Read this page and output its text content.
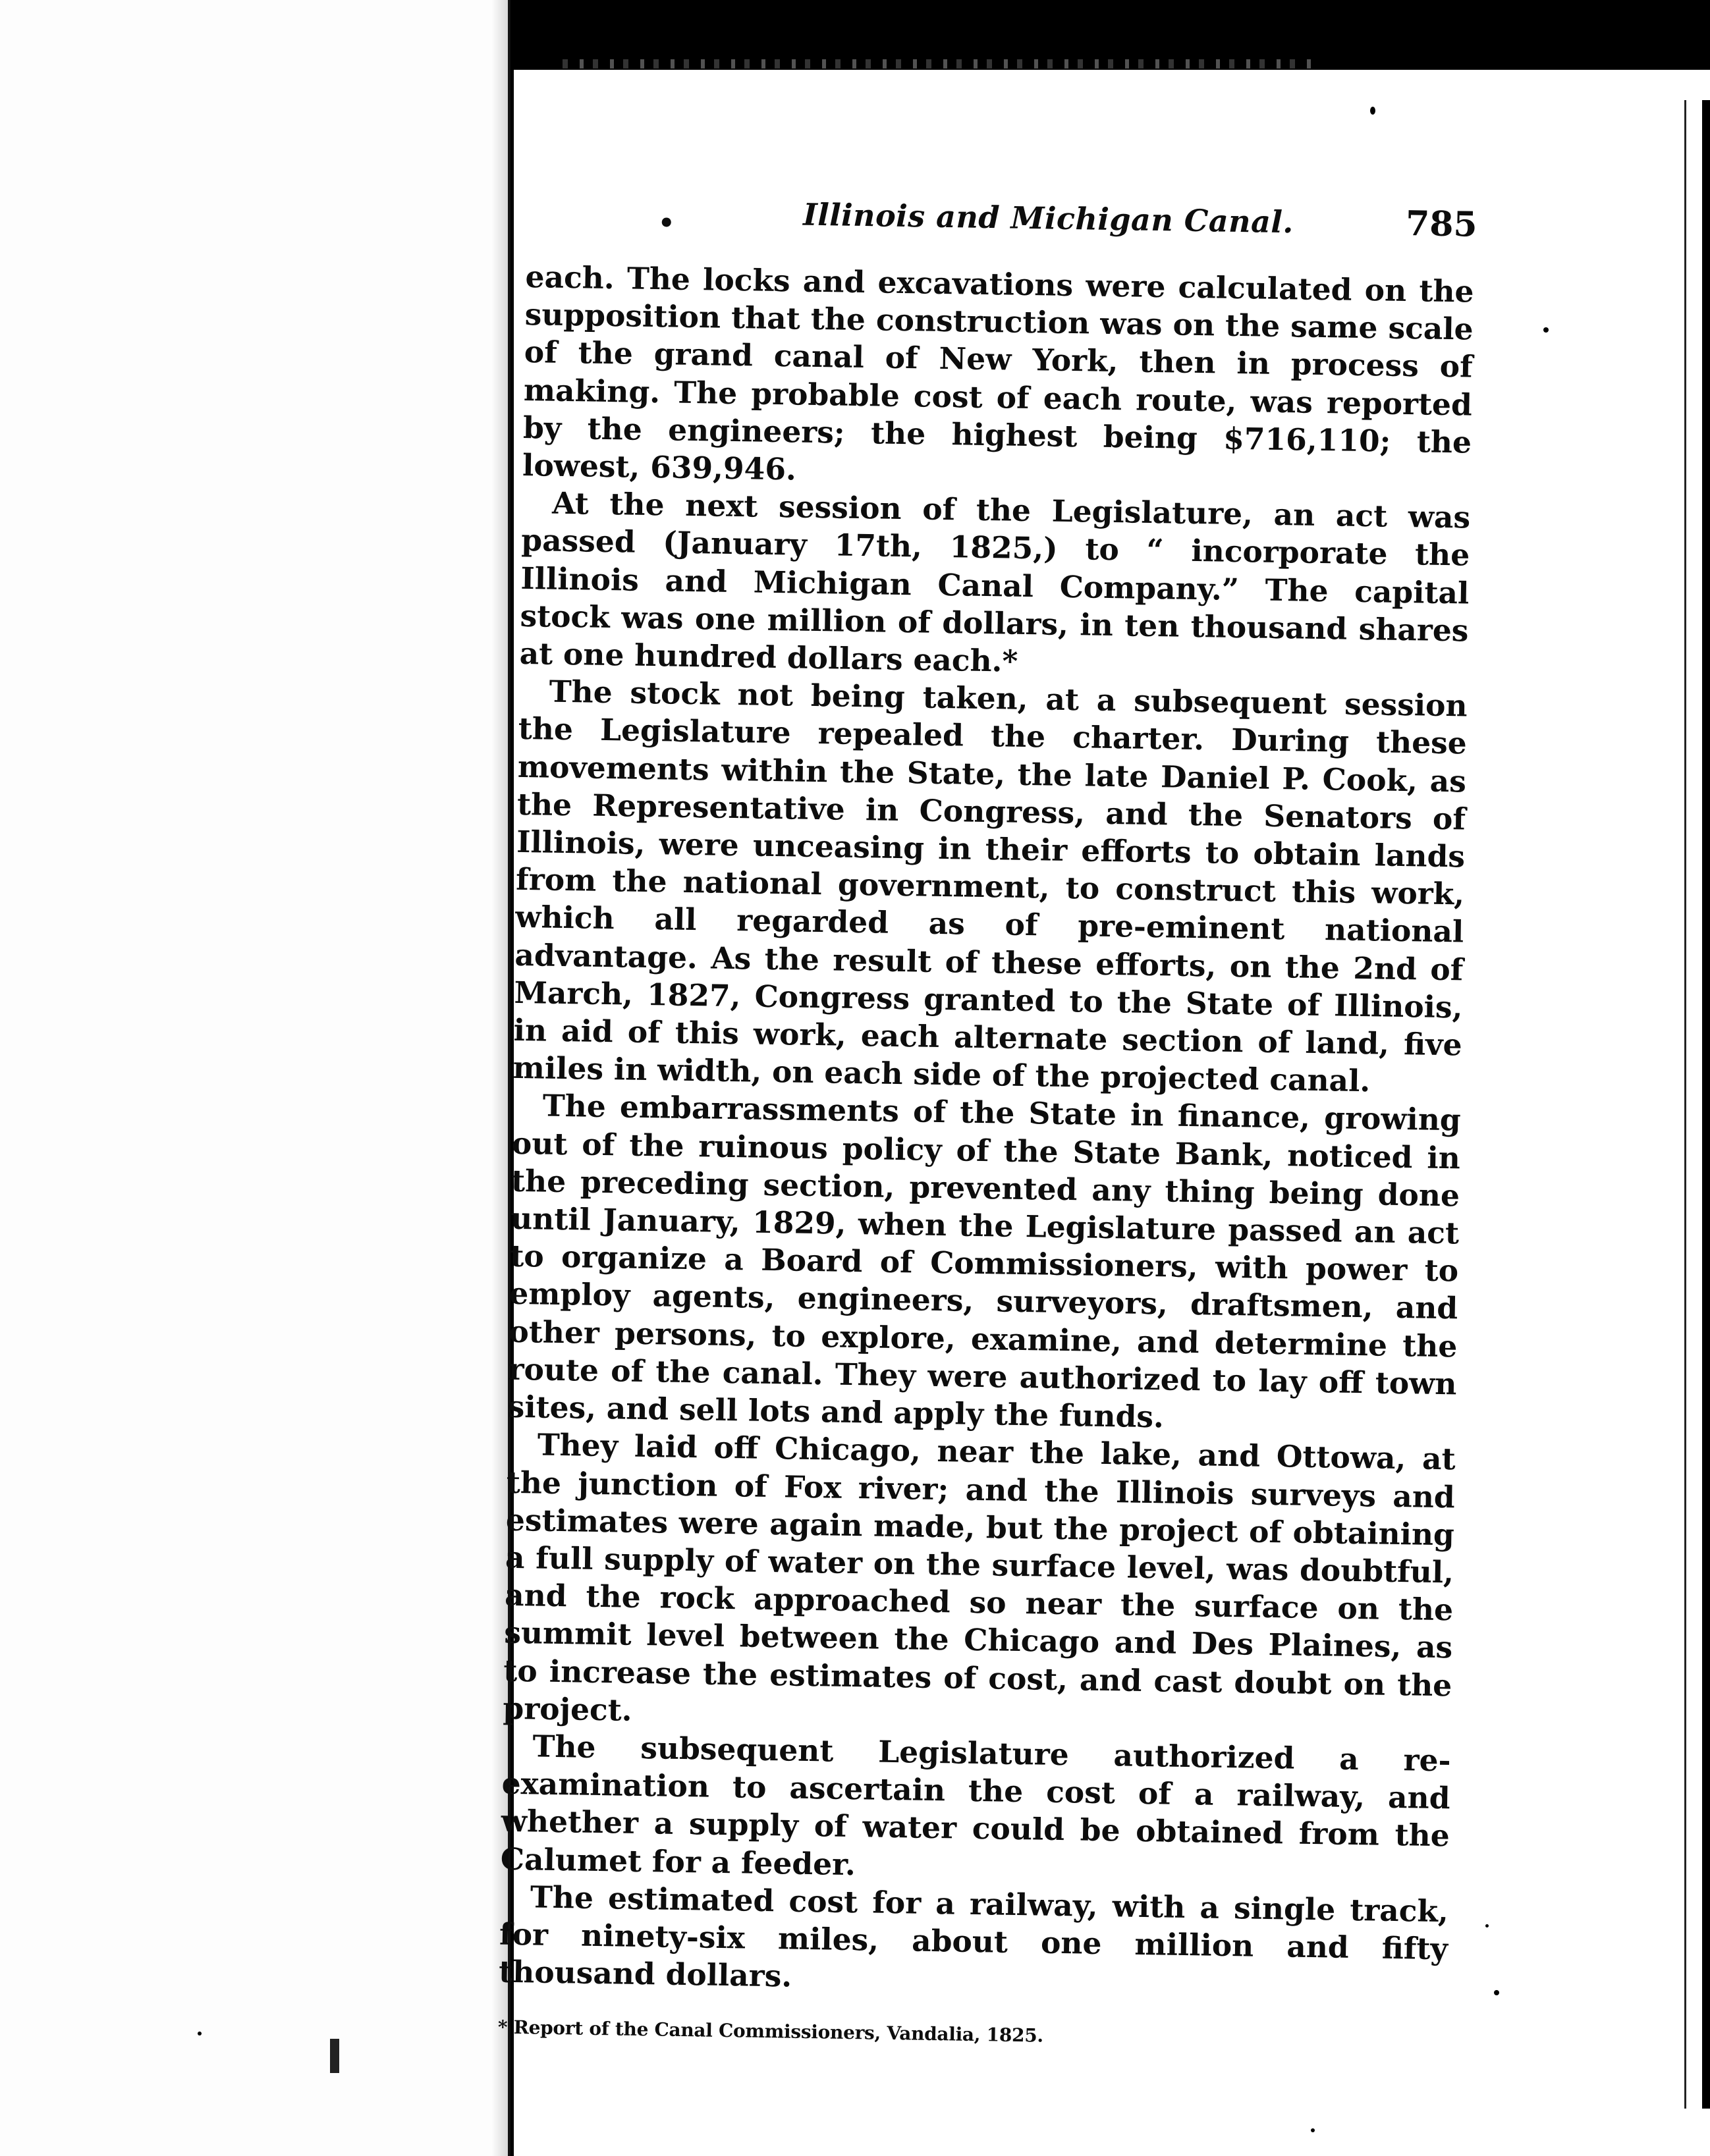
•	Illinois and Michigan Canal.	785

each. The locks and excavations were calculated on the supposition that the construction was on the same scale of the grand canal of New York, then in process of making. The probable cost of each route, was reported by the engineers; the highest being $716,110; the lowest, 639,946.

At the next session of the Legislature, an act was passed (January 17th, 1825,) to “ incorporate the Illinois and Michigan Canal Company.” The capital stock was one million of dollars, in ten thousand shares at one hundred dollars each.*

The stock not being taken, at a subsequent session the Legislature repealed the charter. During these movements within the State, the late Daniel P. Cook, as the Representative in Congress, and the Senators of Illinois, were unceasing in their efforts to obtain lands from the national government, to construct this work, which all regarded as of pre-eminent national advantage. As the result of these efforts, on the 2nd of March, 1827, Congress granted to the State of Illinois, in aid of this work, each alternate section of land, five miles in width, on each side of the projected canal.

The embarrassments of the State in finance, growing out of the ruinous policy of the State Bank, noticed in the preceding section, prevented any thing being done until January, 1829, when the Legislature passed an act to organize a Board of Commissioners, with power to employ agents, engineers, surveyors, draftsmen, and other persons, to explore, examine, and determine the route of the canal. They were authorized to lay off town sites, and sell lots and apply the funds.

They laid off Chicago, near the lake, and Ottowa, at the junction of Fox river; and the Illinois surveys and estimates were again made, but the project of obtaining a full supply of water on the surface level, was doubtful, and the rock approached so near the surface on the summit level between the Chicago and Des Plaines, as to increase the estimates of cost, and cast doubt on the project.

The subsequent Legislature authorized a re-examination to ascertain the cost of a railway, and whether a supply of water could be obtained from the Calumet for a feeder.

The estimated cost for a railway, with a single track, for ninety-six miles, about one million and fifty thousand dollars.

* Report of the Canal Commissioners, Vandalia, 1825.
